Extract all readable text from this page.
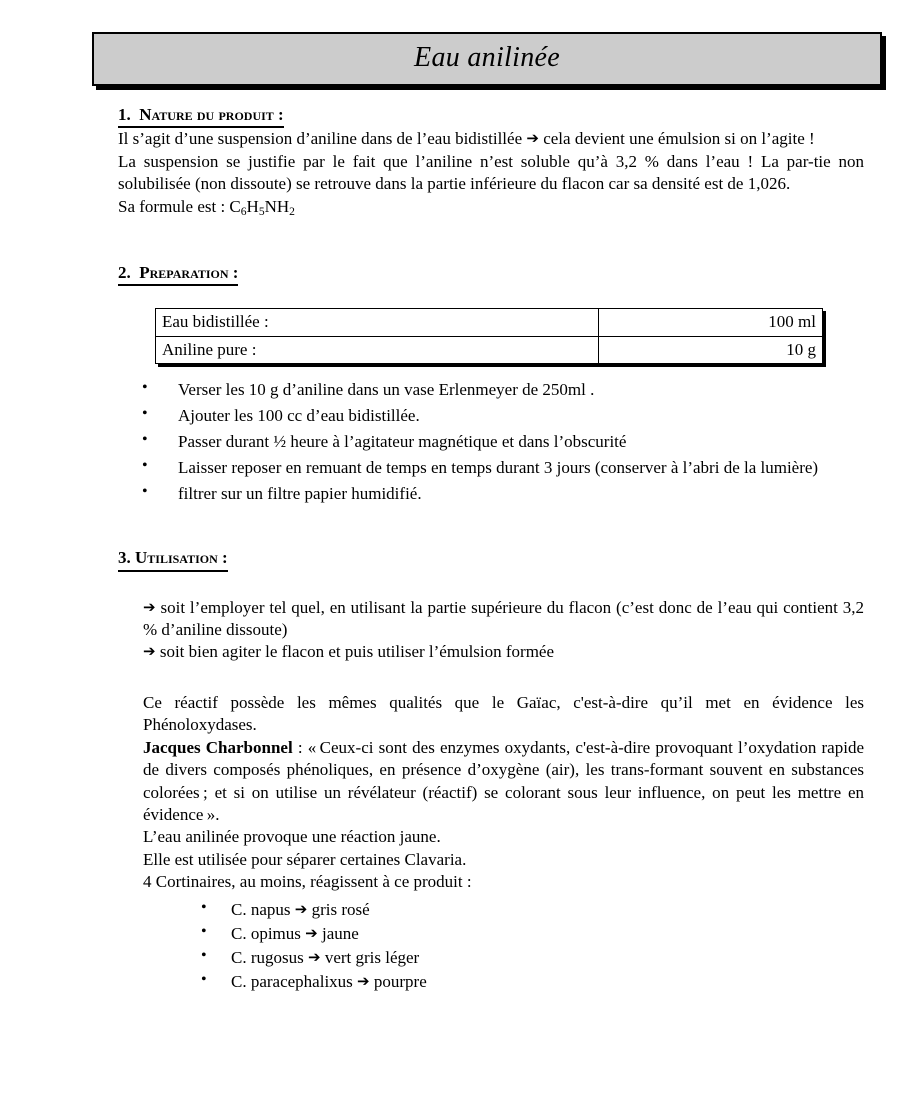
Eau anilinée
1.  Nature du produit :

Il s’agit d’une suspension d’aniline dans de l’eau bidistillée ➔ cela devient une émulsion si on l’agite !

La suspension se justifie par le fait que l’aniline n’est soluble qu’à 3,2 % dans l’eau ! La par-tie non solubilisée (non dissoute) se retrouve dans la partie inférieure du flacon car sa densité est de 1,026.

Sa formule est : $C_6H_5NH_2$

2.  Preparation :
Eau bidistillée :	100 ml
Aniline pure :	10 g
• Verser les 10 g d’aniline dans un vase Erlenmeyer de 250ml .
• Ajouter les 100 cc d’eau bidistillée.
• Passer durant ½ heure à l’agitateur magnétique et dans l’obscurité
• Laisser reposer en remuant de temps en temps durant 3 jours (conserver à l’abri de la lumière)
• filtrer sur un filtre papier humidifié.
3. Utilisation :

➔ soit l’employer tel quel, en utilisant la partie supérieure du flacon (c’est donc de l’eau qui contient 3,2 % d’aniline dissoute)

➔ soit bien agiter le flacon et puis utiliser l’émulsion formée

Ce réactif possède les mêmes qualités que le Gaïac, c'est-à-dire qu’il met en évidence les Phénoloxydases.

Jacques Charbonnel : « Ceux-ci sont des enzymes oxydants, c'est-à-dire provoquant l’oxydation rapide de divers composés phénoliques, en présence d’oxygène (air), les trans-formant souvent en substances colorées ; et si on utilise un révélateur (réactif) se colorant sous leur influence, on peut les mettre en évidence ».

L’eau anilinée provoque une réaction jaune.

Elle est utilisée pour séparer certaines Clavaria.

4 Cortinaires, au moins, réagissent à ce produit :

• C. napus ➔ gris rosé
• C. opimus ➔ jaune
• C. rugosus ➔ vert gris léger
• C. paracephalixus ➔ pourpre
